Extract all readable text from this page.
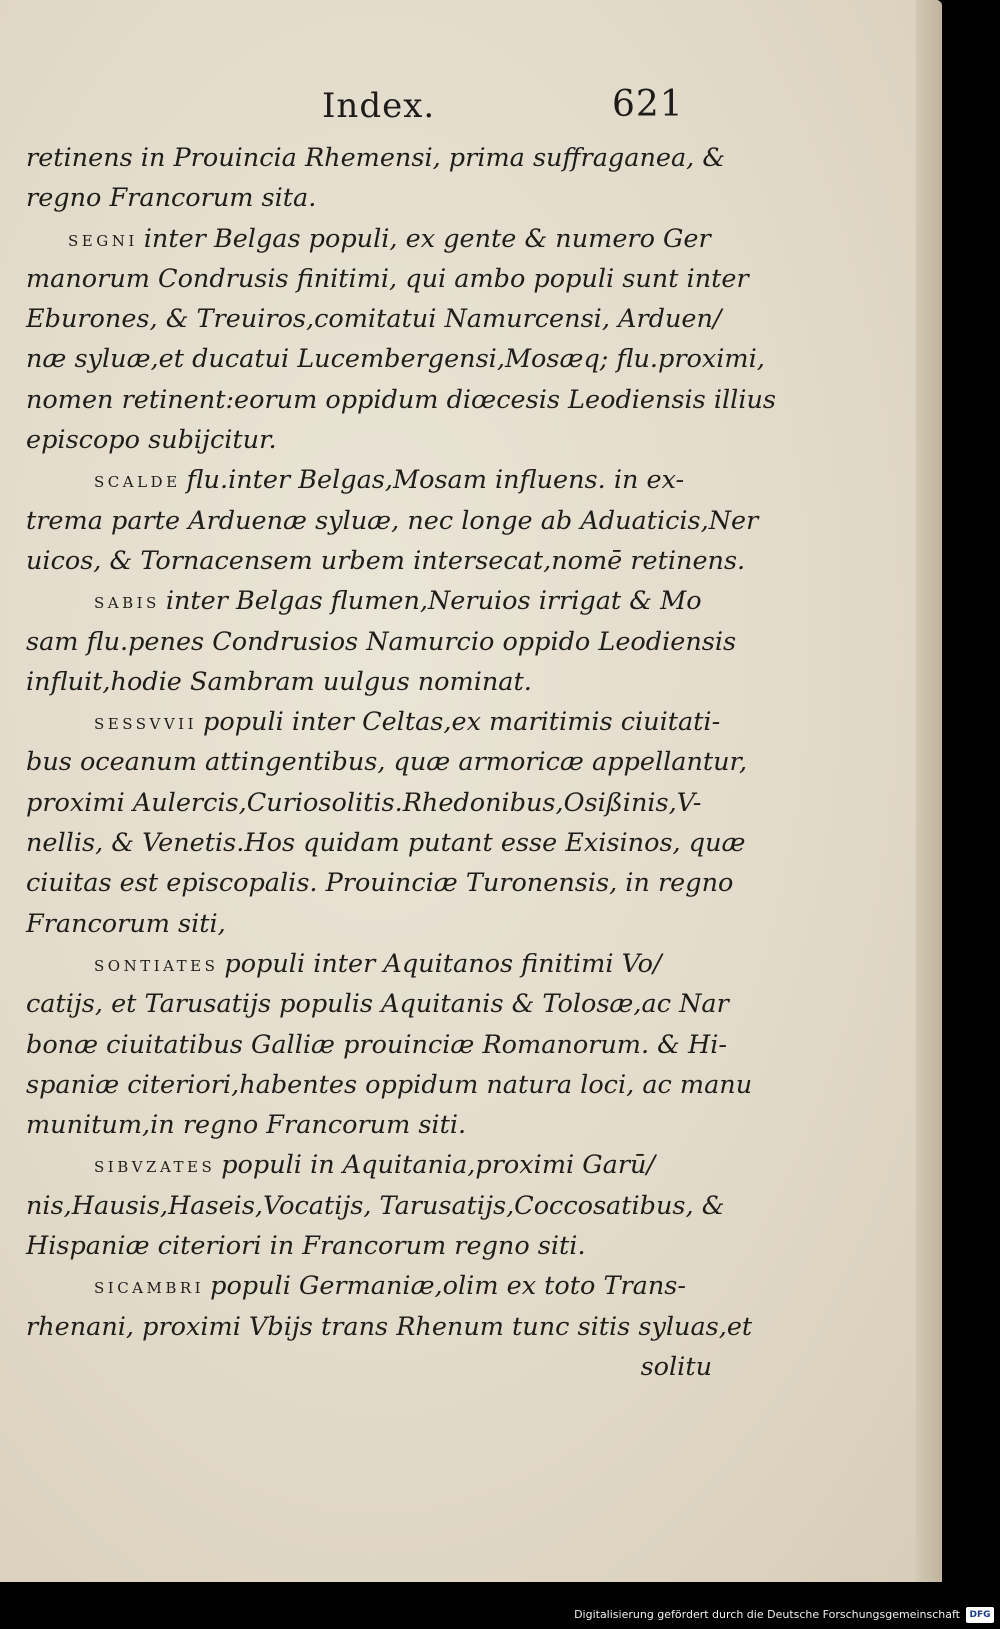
Index.	621
retinens in Prouincia Rhemensi, prima suffraganea, &
regno Francorum sita.
SEGNI inter Belgas populi, ex gente & numero Ger
manorum Condrusis finitimi, qui ambo populi sunt inter
Eburones, & Treuiros,comitatui Namurcensi, Arduen/
næ syluæ,et ducatui Lucembergensi,Mosæq; flu.proximi,
nomen retinent:eorum oppidum diœcesis Leodiensis illius
episcopo subijcitur.
SCALDE flu.inter Belgas,Mosam influens. in ex-
trema parte Arduenæ syluæ, nec longe ab Aduaticis,Ner
uicos, & Tornacensem urbem intersecat,nomē retinens.
SABIS inter Belgas flumen,Neruios irrigat & Mo
sam flu.penes Condrusios Namurcio oppido Leodiensis
influit,hodie Sambram uulgus nominat.
SESSVVII populi inter Celtas,ex maritimis ciuitati-
bus oceanum attingentibus, quæ armoricæ appellantur,
proximi Aulercis,Curiosolitis.Rhedonibus,Osißinis,V-
nellis, & Venetis.Hos quidam putant esse Exisinos, quæ
ciuitas est episcopalis. Prouinciæ Turonensis, in regno
Francorum siti,
SONTIATES populi inter Aquitanos finitimi Vo/
catijs, et Tarusatijs populis Aquitanis & Tolosæ,ac Nar
bonæ ciuitatibus Galliæ prouinciæ Romanorum. & Hi-
spaniæ citeriori,habentes oppidum natura loci, ac manu
munitum,in regno Francorum siti.
SIBVZATES populi in Aquitania,proximi Garū/
nis,Hausis,Haseis,Vocatijs, Tarusatijs,Coccosatibus, &
Hispaniæ citeriori in Francorum regno siti.
SICAMBRI populi Germaniæ,olim ex toto Trans-
rhenani, proximi Vbijs trans Rhenum tunc sitis syluas,et
solitu
Digitalisierung gefördert durch die Deutsche Forschungsgemeinschaft	DFG
